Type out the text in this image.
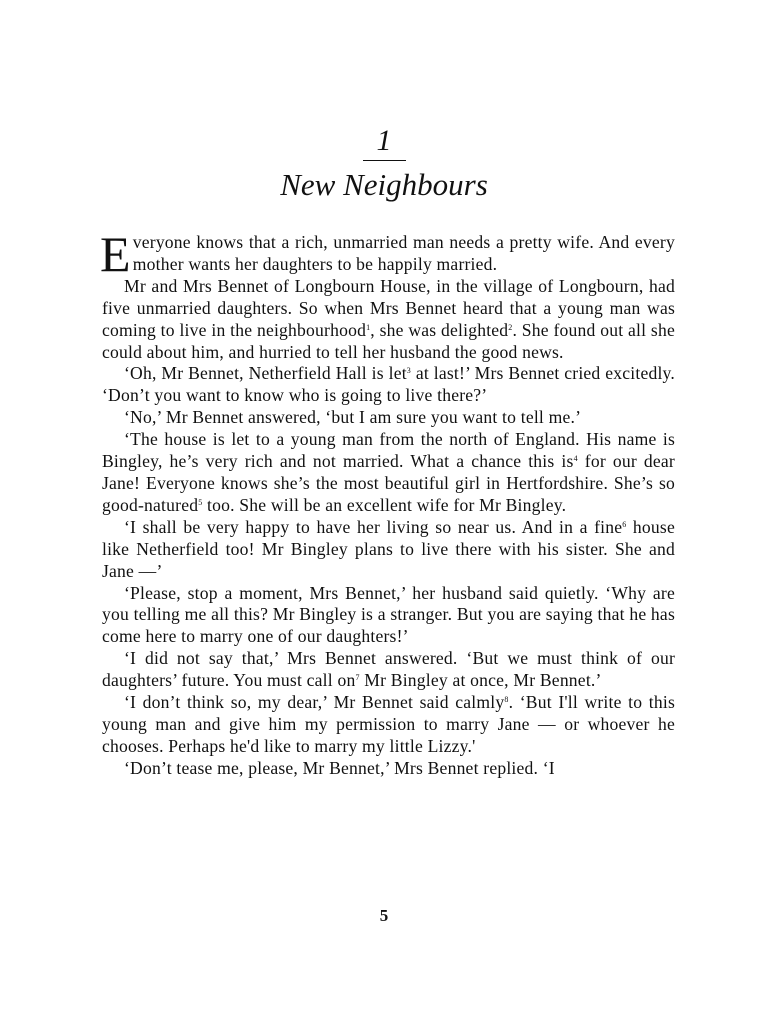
1
New Neighbours

Everyone knows that a rich, unmarried man needs a pretty wife. And every mother wants her daughters to be happily married.

Mr and Mrs Bennet of Longbourn House, in the village of Longbourn, had five unmarried daughters. So when Mrs Bennet heard that a young man was coming to live in the neighbourhood$^1$, she was delighted$^2$. She found out all she could about him, and hurried to tell her husband the good news.

‘Oh, Mr Bennet, Netherfield Hall is let$^3$ at last!’ Mrs Bennet cried excitedly. ‘Don’t you want to know who is going to live there?’

‘No,’ Mr Bennet answered, ‘but I am sure you want to tell me.’

‘The house is let to a young man from the north of England. His name is Bingley, he’s very rich and not married. What a chance this $is^4$ for our dear Jane! Everyone knows she’s the most beautiful girl in Hertfordshire. She’s so good-natured$^5$ too. She will be an excellent wife for Mr Bingley.

‘I shall be very happy to have her living so near us. And in a fine$^6$ house like Netherfield too! Mr Bingley plans to live there with his sister. She and Jane —’

‘Please, stop a moment, Mrs Bennet,’ her husband said quietly. ‘Why are you telling me all this? Mr Bingley is a stranger. But you are saying that he has come here to marry one of our daughters!’

‘I did not say that,’ Mrs Bennet answered. ‘But we must think of our daughters’ future. You must call $on^7$ Mr Bingley at once, Mr Bennet.’

‘I don’t think so, my dear,’ Mr Bennet said calmly$^8$. ‘But I'll write to this young man and give him my permission to marry Jane — or whoever he chooses. Perhaps he'd like to marry my little Lizzy.'

‘Don’t tease me, please, Mr Bennet,’ Mrs Bennet replied. ‘I

5
